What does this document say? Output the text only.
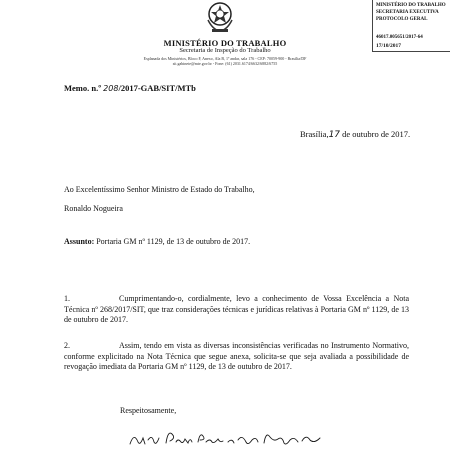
MINISTÉRIO DO TRABALHO
Secretaria de Inspeção do Trabalho
Esplanada dos Ministérios, Bloco F, Anexo, Ala B, 1º andar, sala 176 - CEP: 70059-900 - Brasília/DF
sit.gabinete@mte.gov.br - Fone: (61) 2031.6174/6632/6882/6755
MINISTÉRIO DO TRABALHO
SECRETARIA EXECUTIVA
PROTOCOLO GERAL
46017.005651/2017-64
17/10/2017
Memo. n.º 208/2017-GAB/SIT/MTb
Brasília,17 de outubro de 2017.
Ao Excelentíssimo Senhor Ministro de Estado do Trabalho,
Ronaldo Nogueira
Assunto: Portaria GM nº 1129, de 13 de outubro de 2017.
1.	Cumprimentando-o, cordialmente, levo a conhecimento de Vossa Excelência a Nota Técnica nº 268/2017/SIT, que traz considerações técnicas e jurídicas relativas à Portaria GM nº 1129, de 13 de outubro de 2017.
2.	Assim, tendo em vista as diversas inconsistências verificadas no Instrumento Normativo, conforme explicitado na Nota Técnica que segue anexa, solicita-se que seja avaliada a possibilidade de revogação imediata da Portaria GM nº 1129, de 13 de outubro de 2017.
Respeitosamente,
